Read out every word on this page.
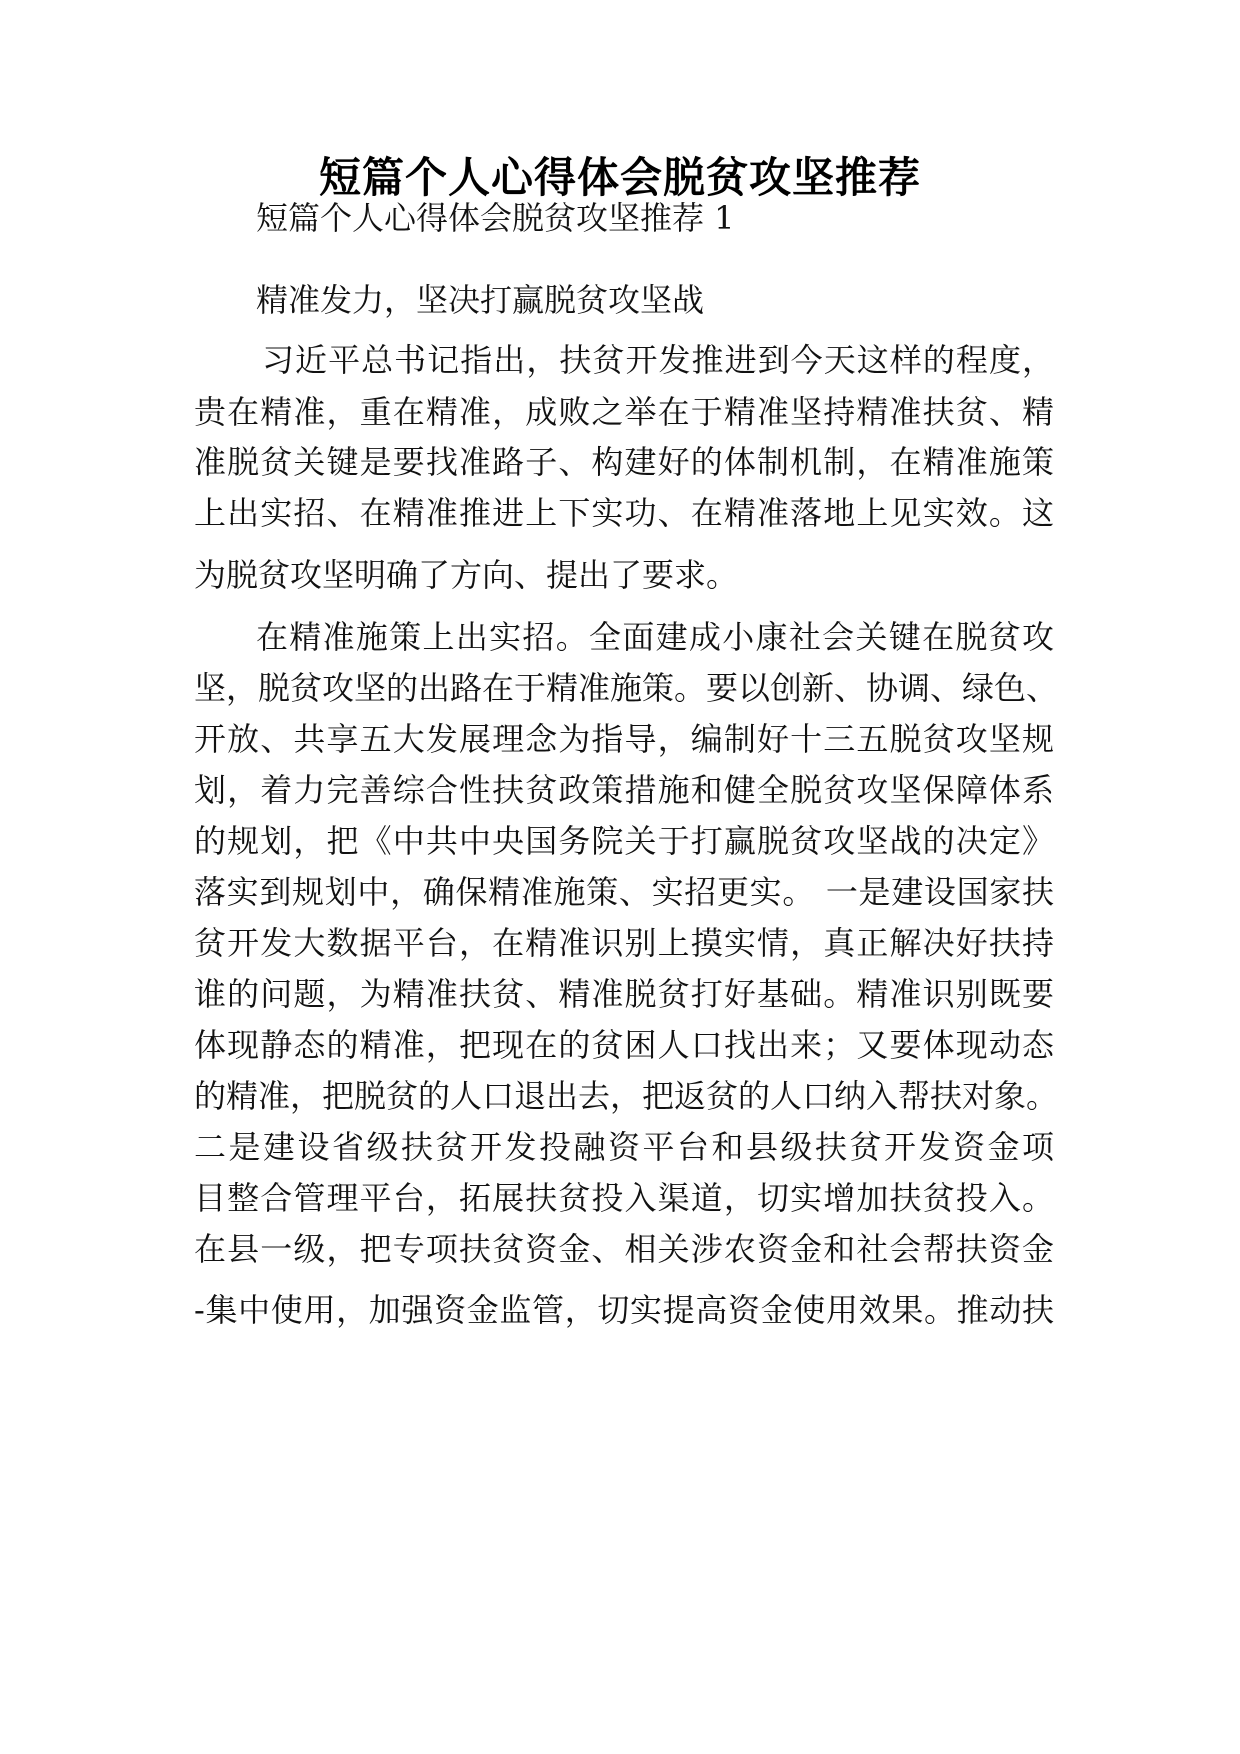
短篇个人心得体会脱贫攻坚推荐
短篇个人心得体会脱贫攻坚推荐 1
精准发力，坚决打赢脱贫攻坚战
习近平总书记指出，扶贫开发推进到今天这样的程度，
贵在精准，重在精准，成败之举在于精准坚持精准扶贫、精
准脱贫关键是要找准路子、构建好的体制机制，在精准施策
上出实招、在精准推进上下实功、在精准落地上见实效。这
为脱贫攻坚明确了方向、提出了要求。
在精准施策上出实招。全面建成小康社会关键在脱贫攻
坚，脱贫攻坚的出路在于精准施策。要以创新、协调、绿色、
开放、共享五大发展理念为指导，编制好十三五脱贫攻坚规
划，着力完善综合性扶贫政策措施和健全脱贫攻坚保障体系
的规划，把《中共中央国务院关于打赢脱贫攻坚战的决定》
落实到规划中，确保精准施策、实招更实。 一是建设国家扶
贫开发大数据平台，在精准识别上摸实情，真正解决好扶持
谁的问题，为精准扶贫、精准脱贫打好基础。精准识别既要
体现静态的精准，把现在的贫困人口找出来；又要体现动态
的精准，把脱贫的人口退出去，把返贫的人口纳入帮扶对象。
二是建设省级扶贫开发投融资平台和县级扶贫开发资金项
目整合管理平台，拓展扶贫投入渠道，切实增加扶贫投入。
在县一级，把专项扶贫资金、相关涉农资金和社会帮扶资金
-集中使用，加强资金监管，切实提高资金使用效果。推动扶
